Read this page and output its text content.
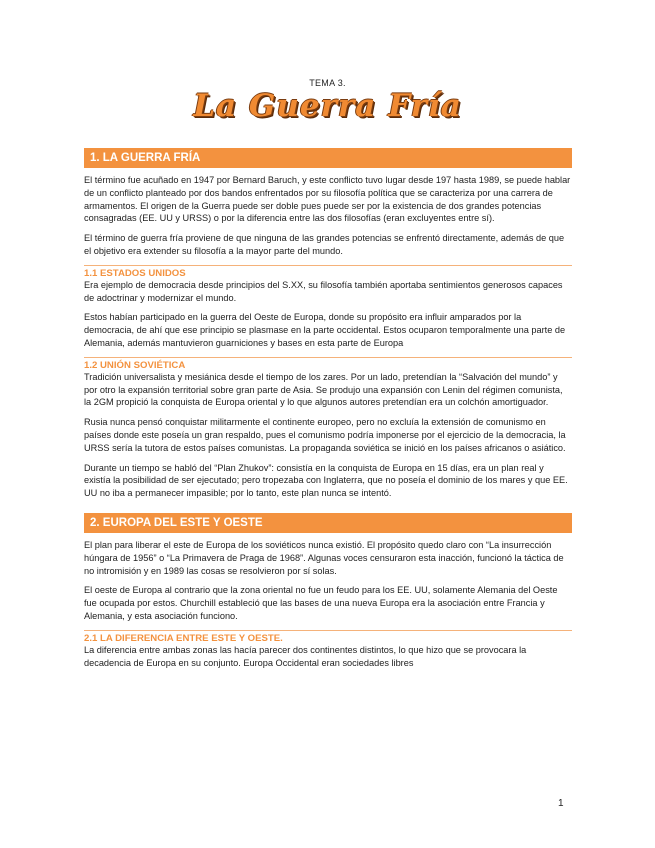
TEMA 3.
La Guerra Fría
1. LA GUERRA FRÍA

El término fue acuñado en 1947 por Bernard Baruch, y este conflicto tuvo lugar desde 197 hasta 1989, se puede hablar de un conflicto planteado por dos bandos enfrentados por su filosofía política que se caracteriza por una carrera de armamentos. El origen de la Guerra puede ser doble pues puede ser por la existencia de dos grandes potencias consagradas (EE. UU y URSS) o por la diferencia entre las dos filosofías (eran excluyentes entre sí).

El término de guerra fría proviene de que ninguna de las grandes potencias se enfrentó directamente, además de que el objetivo era extender su filosofía a la mayor parte del mundo.

1.1 ESTADOS UNIDOS

Era ejemplo de democracia desde principios del S.XX, su filosofía también aportaba sentimientos generosos capaces de adoctrinar y modernizar el mundo.

Estos habían participado en la guerra del Oeste de Europa, donde su propósito era influir amparados por la democracia, de ahí que ese principio se plasmase en la parte occidental. Estos ocuparon temporalmente una parte de Alemania, además mantuvieron guarniciones y bases en esta parte de Europa

1.2 UNIÓN SOVIÉTICA

Tradición universalista y mesiánica desde el tiempo de los zares. Por un lado, pretendían la “Salvación del mundo” y por otro la expansión territorial sobre gran parte de Asia. Se produjo una expansión con Lenin del régimen comunista, la 2GM propició la conquista de Europa oriental y lo que algunos autores pretendían era un colchón amortiguador.

Rusia nunca pensó conquistar militarmente el continente europeo, pero no excluía la extensión de comunismo en países donde este poseía un gran respaldo, pues el comunismo podría imponerse por el ejercicio de la democracia, la URSS sería la tutora de estos países comunistas. La propaganda soviética se inició en los países africanos o asiático.

Durante un tiempo se habló del “Plan Zhukov”: consistía en la conquista de Europa en 15 días, era un plan real y existía la posibilidad de ser ejecutado; pero tropezaba con Inglaterra, que no poseía el dominio de los mares y que EE. UU no iba a permanecer impasible; por lo tanto, este plan nunca se intentó.

2. EUROPA DEL ESTE Y OESTE

El plan para liberar el este de Europa de los soviéticos nunca existió. El propósito quedo claro con “La insurrección húngara de 1956” o “La Primavera de Praga de 1968”. Algunas voces censuraron esta inacción, funcionó la táctica de no intromisión y en 1989 las cosas se resolvieron por sí solas.

El oeste de Europa al contrario que la zona oriental no fue un feudo para los EE. UU, solamente Alemania del Oeste fue ocupada por estos. Churchill estableció que las bases de una nueva Europa era la asociación entre Francia y Alemania, y esta asociación funciono.

2.1 LA DIFERENCIA ENTRE ESTE Y OESTE.

La diferencia entre ambas zonas las hacía parecer dos continentes distintos, lo que hizo que se provocara la decadencia de Europa en su conjunto. Europa Occidental eran sociedades libres

1
